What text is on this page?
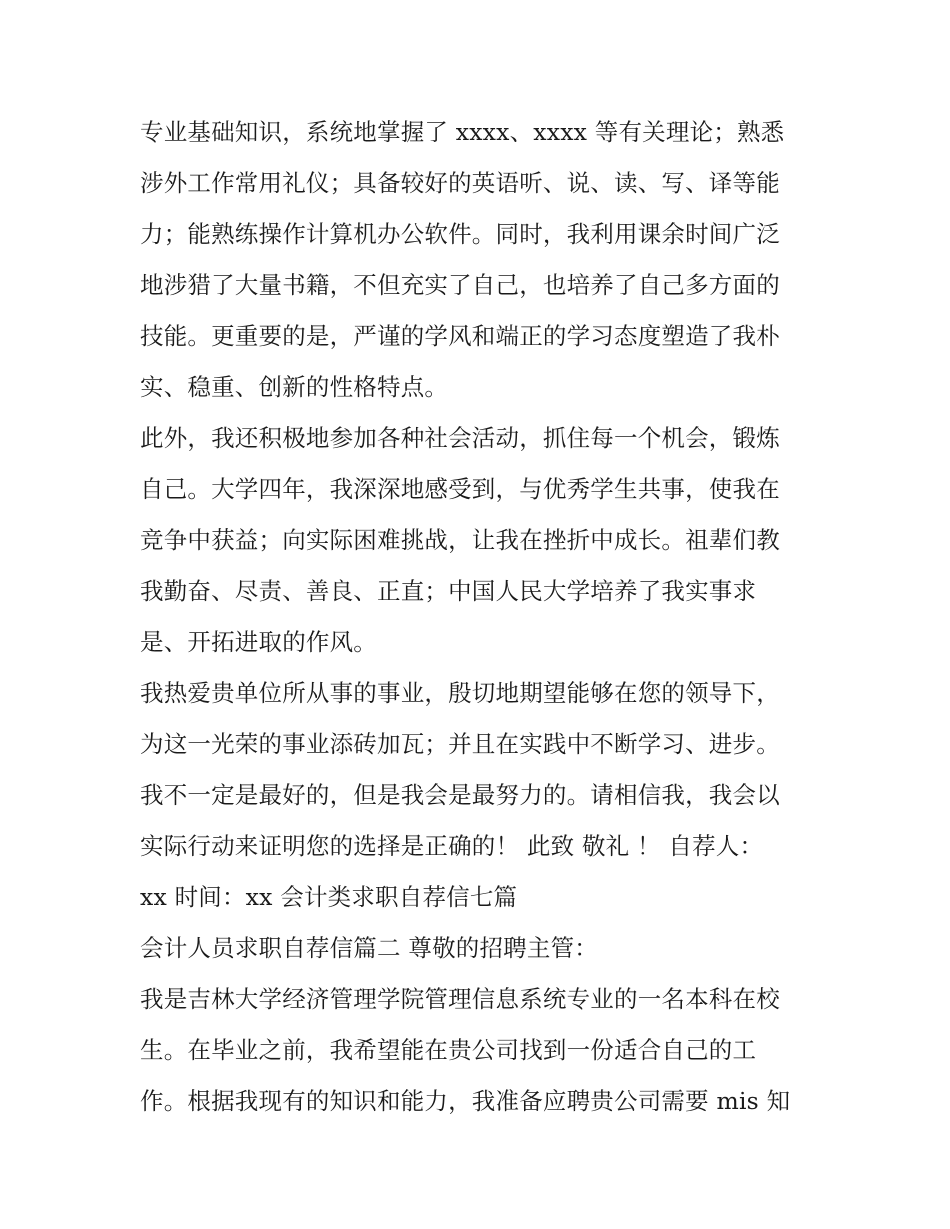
专业基础知识，系统地掌握了 xxxx、xxxx 等有关理论；熟悉
涉外工作常用礼仪；具备较好的英语听、说、读、写、译等能
力；能熟练操作计算机办公软件。同时，我利用课余时间广泛
地涉猎了大量书籍，不但充实了自己，也培养了自己多方面的
技能。更重要的是，严谨的学风和端正的学习态度塑造了我朴
实、稳重、创新的性格特点。
此外，我还积极地参加各种社会活动，抓住每一个机会，锻炼
自己。大学四年，我深深地感受到，与优秀学生共事，使我在
竞争中获益；向实际困难挑战，让我在挫折中成长。祖辈们教
我勤奋、尽责、善良、正直；中国人民大学培养了我实事求
是、开拓进取的作风。
我热爱贵单位所从事的事业，殷切地期望能够在您的领导下，
为这一光荣的事业添砖加瓦；并且在实践中不断学习、进步。
我不一定是最好的，但是我会是最努力的。请相信我，我会以
实际行动来证明您的选择是正确的！ 此致 敬礼 ！ 自荐人：
xx 时间：xx 会计类求职自荐信七篇
会计人员求职自荐信篇二 尊敬的招聘主管：
我是吉林大学经济管理学院管理信息系统专业的一名本科在校
生。在毕业之前，我希望能在贵公司找到一份适合自己的工
作。根据我现有的知识和能力，我准备应聘贵公司需要 mis 知
